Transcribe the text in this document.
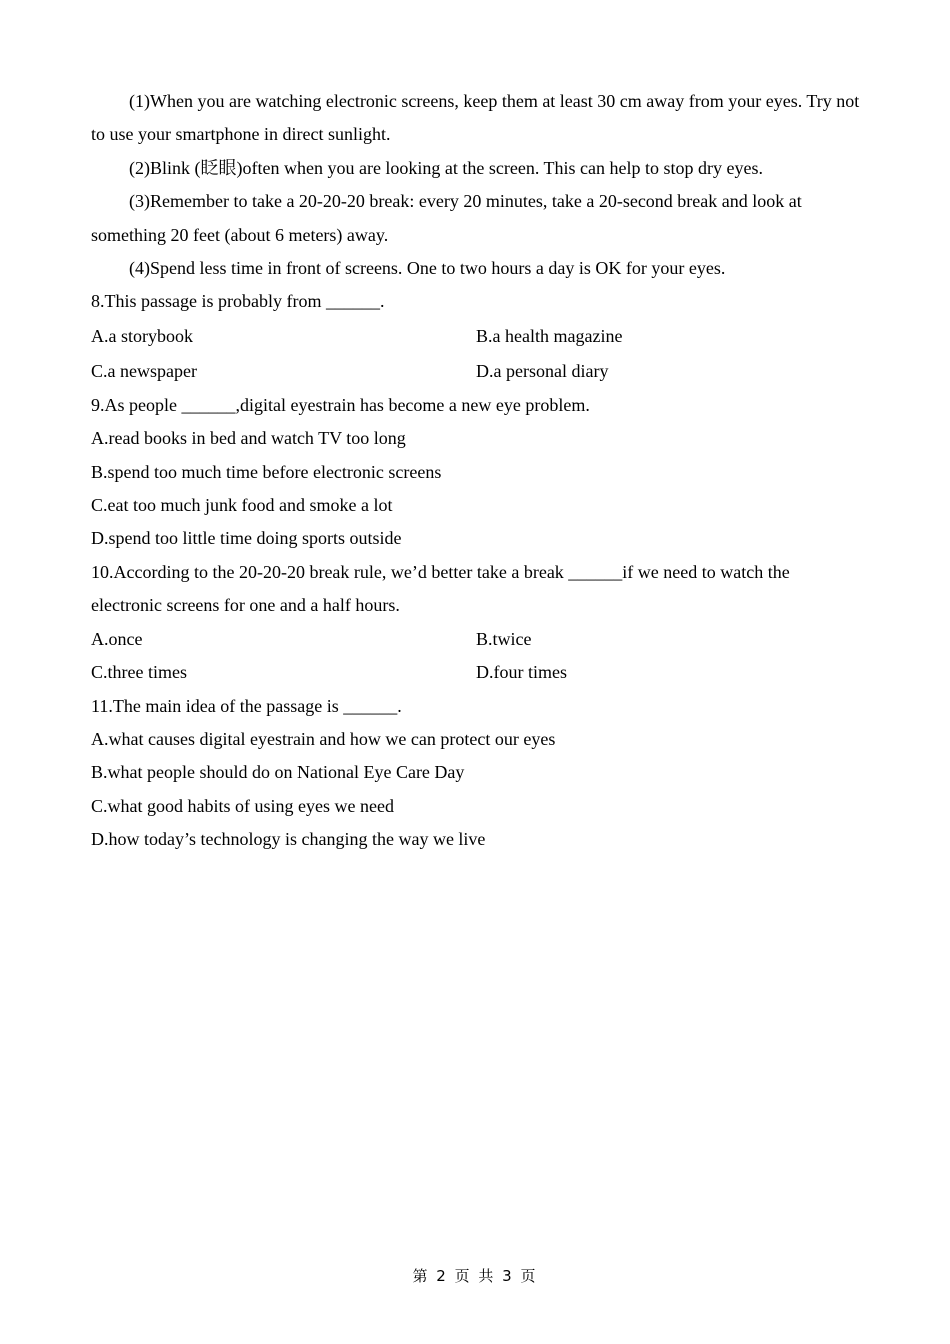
(1)When you are watching electronic screens, keep them at least 30 cm away from your eyes. Try not to use your smartphone in direct sunlight.
(2)Blink (眨眼)often when you are looking at the screen. This can help to stop dry eyes.
(3)Remember to take a 20-20-20 break: every 20 minutes, take a 20-second break and look at something 20 feet (about 6 meters) away.
(4)Spend less time in front of screens. One to two hours a day is OK for your eyes.
8.This passage is probably from ______.
A.a storybook	B.a health magazine
C.a newspaper	D.a personal diary
9.As people ______,digital eyestrain has become a new eye problem.
A.read books in bed and watch TV too long
B.spend too much time before electronic screens
C.eat too much junk food and smoke a lot
D.spend too little time doing sports outside
10.According to the 20-20-20 break rule, we’d better take a break ______if we need to watch the electronic screens for one and a half hours.
A.once	B.twice
C.three times	D.four times
11.The main idea of the passage is ______.
A.what causes digital eyestrain and how we can protect our eyes
B.what people should do on National Eye Care Day
C.what good habits of using eyes we need
D.how today’s technology is changing the way we live
第 2 页 共 3 页
